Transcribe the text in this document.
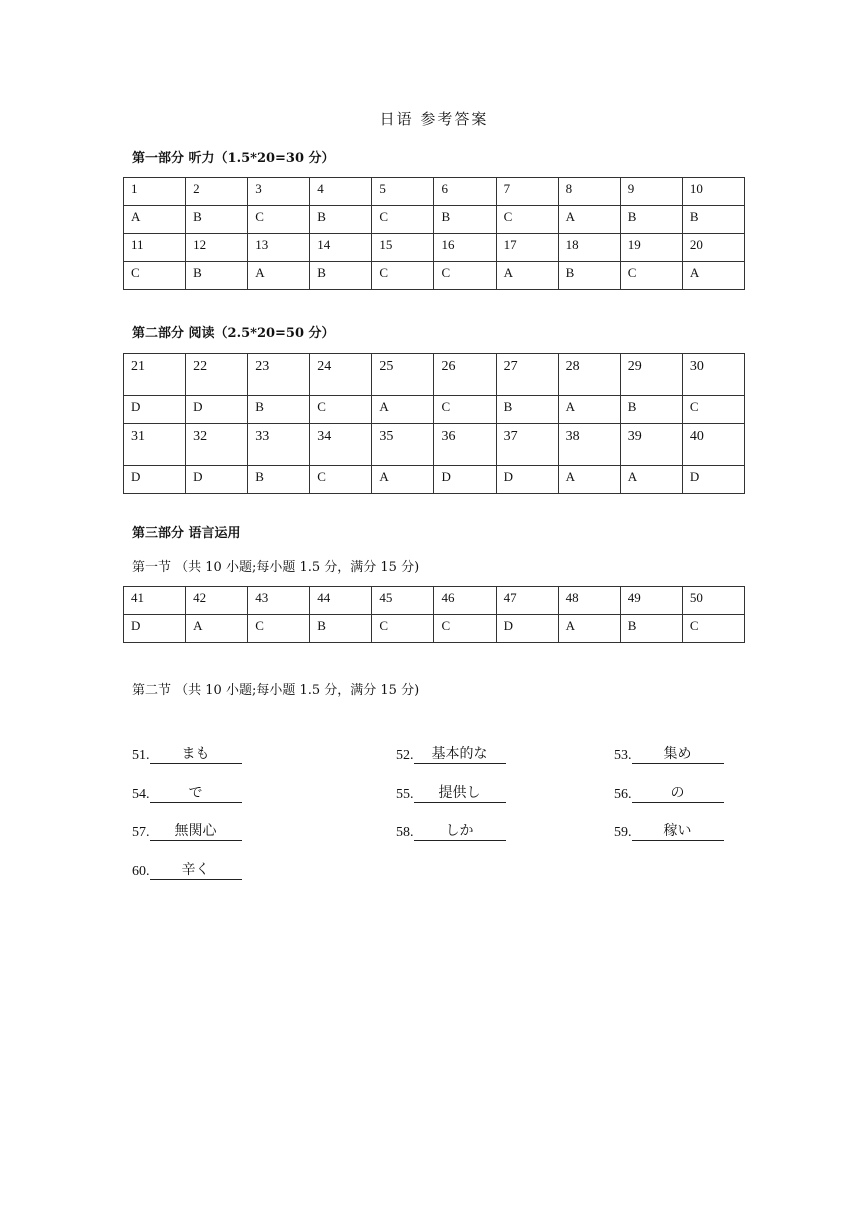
日语 参考答案
第一部分 听力（1.5*20=30 分）
1	2	3	4	5	6	7	8	9	10
A	B	C	B	C	B	C	A	B	B
11	12	13	14	15	16	17	18	19	20
C	B	A	B	C	C	A	B	C	A
第二部分 阅读（2.5*20=50 分）
21	22	23	24	25	26	27	28	29	30
D	D	B	C	A	C	B	A	B	C
31	32	33	34	35	36	37	38	39	40
D	D	B	C	A	D	D	A	A	D
第三部分 语言运用
第一节 （共 10 小题;每小题 1.5 分，满分 15 分)
41	42	43	44	45	46	47	48	49	50
D	A	C	B	C	C	D	A	B	C
第二节 （共 10 小题;每小题 1.5 分，满分 15 分)
51.	まも	52.	基本的な	53.	集め
54.	で	55.	提供し	56.	の
57.	無関心	58.	しか	59.	稼い
60.	辛く
